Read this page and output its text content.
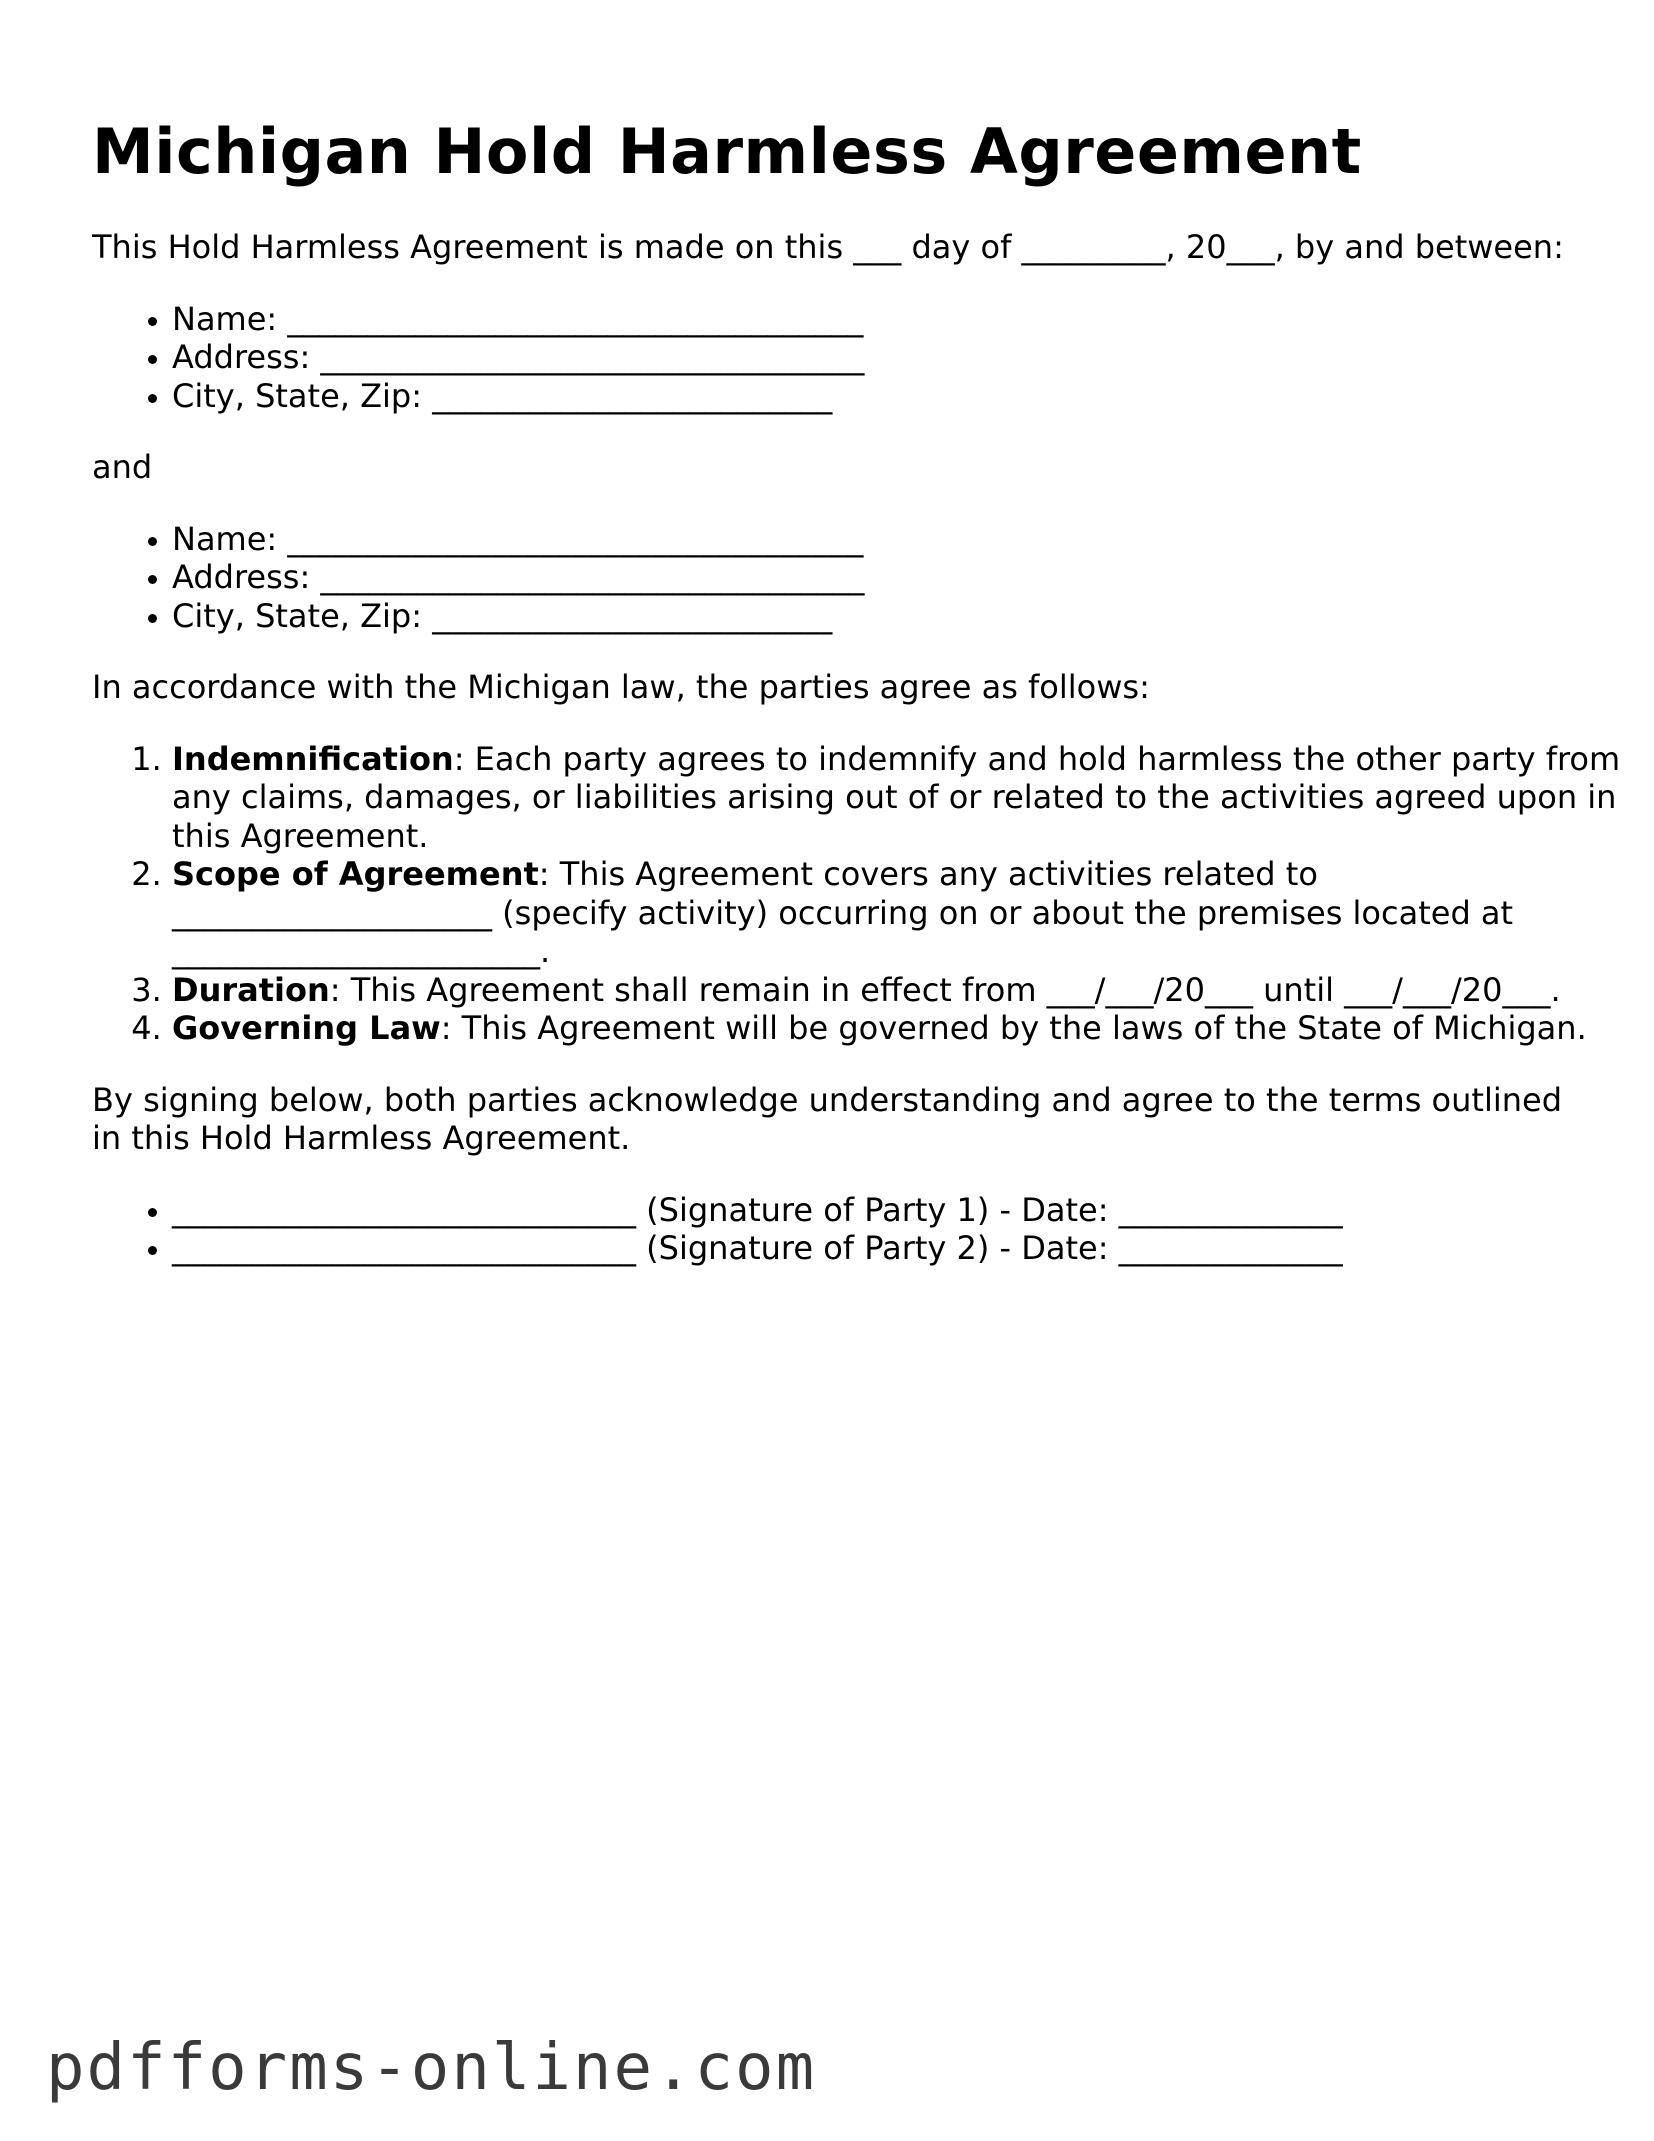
Michigan Hold Harmless Agreement

This Hold Harmless Agreement is made on this ___ day of _________, 20___, by and between:

• Name: ____________________________________
• Address: __________________________________
• City, State, Zip: _________________________

and

• Name: ____________________________________
• Address: __________________________________
• City, State, Zip: _________________________

In accordance with the Michigan law, the parties agree as follows:

1. Indemnification: Each party agrees to indemnify and hold harmless the other party from any claims, damages, or liabilities arising out of or related to the activities agreed upon in this Agreement.
2. Scope of Agreement: This Agreement covers any activities related to ____________________ (specify activity) occurring on or about the premises located at _______________________.
3. Duration: This Agreement shall remain in effect from ___/___/20___ until ___/___/20___.
4. Governing Law: This Agreement will be governed by the laws of the State of Michigan.

By signing below, both parties acknowledge understanding and agree to the terms outlined in this Hold Harmless Agreement.

• _____________________________ (Signature of Party 1) - Date: ______________
• _____________________________ (Signature of Party 2) - Date: ______________
pdfforms-online.com
